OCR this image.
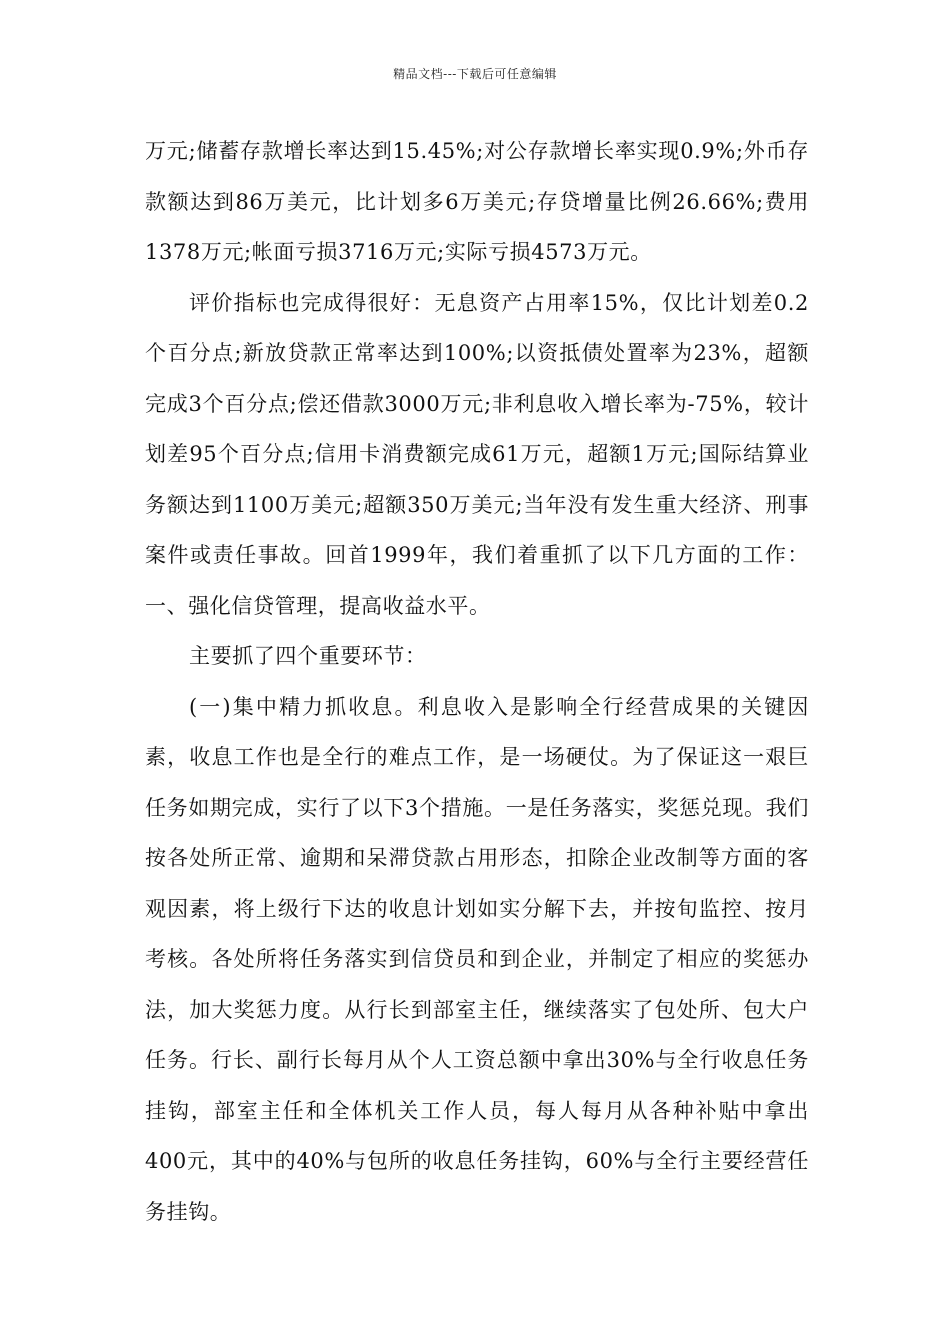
精品文档---下载后可任意编辑

万元;储蓄存款增长率达到15.45%;对公存款增长率实现0.9%;外币存款额达到86万美元，比计划多6万美元;存贷增量比例26.66%;费用1378万元;帐面亏损3716万元;实际亏损4573万元。

评价指标也完成得很好：无息资产占用率15%，仅比计划差0.2个百分点;新放贷款正常率达到100%;以资抵债处置率为23%，超额完成3个百分点;偿还借款3000万元;非利息收入增长率为-75%，较计划差95个百分点;信用卡消费额完成61万元，超额1万元;国际结算业务额达到1100万美元;超额350万美元;当年没有发生重大经济、刑事案件或责任事故。回首1999年，我们着重抓了以下几方面的工作： 一、强化信贷管理，提高收益水平。

主要抓了四个重要环节：

(一)集中精力抓收息。利息收入是影响全行经营成果的关键因素，收息工作也是全行的难点工作，是一场硬仗。为了保证这一艰巨任务如期完成，实行了以下3个措施。一是任务落实，奖惩兑现。我们按各处所正常、逾期和呆滞贷款占用形态，扣除企业改制等方面的客观因素，将上级行下达的收息计划如实分解下去，并按旬监控、按月考核。各处所将任务落实到信贷员和到企业，并制定了相应的奖惩办法，加大奖惩力度。从行长到部室主任，继续落实了包处所、包大户任务。行长、副行长每月从个人工资总额中拿出30%与全行收息任务挂钩，部室主任和全体机关工作人员，每人每月从各种补贴中拿出400元，其中的40%与包所的收息任务挂钩，60%与全行主要经营任务挂钩。
